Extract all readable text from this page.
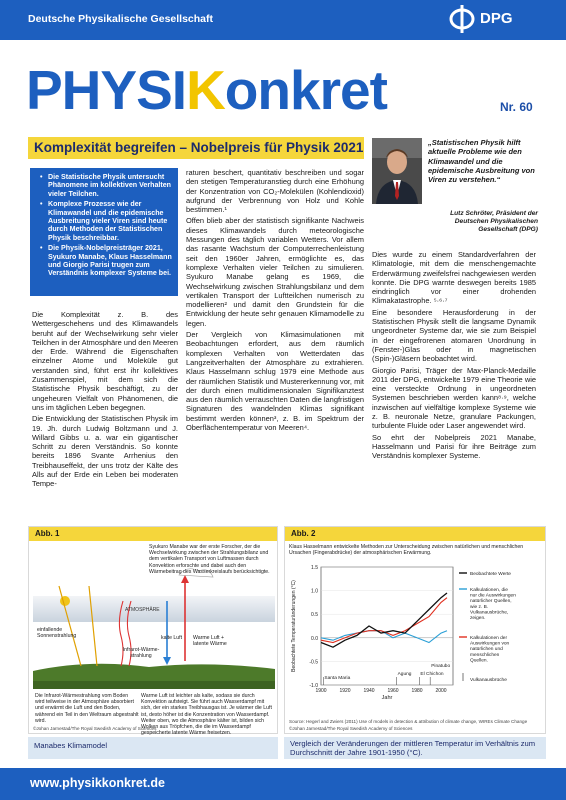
Deutsche Physikalische Gesellschaft	DPG
PHYSIKonkret	Nr. 60
Komplexität begreifen – Nobelpreis für Physik 2021
• Die Statistische Physik untersucht Phänomene im kollektiven Verhalten vieler Teilchen.
• Komplexe Prozesse wie der Klimawandel und die epidemische Ausbreitung vieler Viren sind heute durch Methoden der Statistischen Physik beschreibbar.
• Die Physik-Nobelpreisträger 2021, Syukuro Manabe, Klaus Hasselmann und Giorgio Parisi trugen zum Verständnis komplexer Systeme bei.

Die Komplexität z. B. des Wettergeschehens und des Klimawandels beruht auf der Wechselwirkung sehr vieler Teilchen in der Atmosphäre und den Meeren der Erde. Während die Eigenschaften einzelner Atome und Moleküle gut verstanden sind, führt erst ihr kollektives Zusammenspiel, mit dem sich die Statistische Physik beschäftigt, zu der ungeheuren Vielfalt von Phänomenen, die uns im täglichen Leben begegnen.

Die Entwicklung der Statistischen Physik im 19. Jh. durch Ludwig Boltzmann und J. Willard Gibbs u. a. war ein gigantischer Schritt zu deren Verständnis. So konnte bereits 1896 Svante Arrhenius den Treibhauseffekt, der uns trotz der Kälte des Alls auf der Erde ein Leben bei moderaten Tempe-

raturen beschert, quantitativ beschreiben und sogar den stetigen Temperaturanstieg durch eine Erhöhung der Konzentration von CO₂-Molekülen (Kohlendioxid) aufgrund der Verbrennung von Holz und Kohle bestimmen.¹

Offen blieb aber der statistisch signifikante Nachweis dieses Klimawandels durch meteorologische Messungen des täglich variablen Wetters. Vor allem das rasante Wachstum der Computerrechenleistung seit den 1960er Jahren, ermöglichte es, das komplexe Verhalten vieler Teilchen zu simulieren. Syukuro Manabe gelang es 1969, die Wechselwirkung zwischen Strahlungsbilanz und dem vertikalen Transport der Luftteilchen numerisch zu modellieren² und damit den Grundstein für die Entwicklung der heute sehr genauen Klimamodelle zu legen.

Der Vergleich von Klimasimulationen mit Beobachtungen erfordert, aus dem räumlich komplexen Verhalten von Wetterdaten das Langzeitverhalten der Atmosphäre zu extrahieren. Klaus Hasselmann schlug 1979 eine Methode aus der räumlichen Statistik und Mustererkennung vor, mit der durch einen multidimensionalen Signifikanztest aus den räumlich verrauschten Daten die langfristigen Signaturen des wandelnden Klimas signifikant bestimmt werden können³, z. B. im Spektrum der Oberflächentemperatur von Meeren⁴.

„Statistischen Physik hilft aktuelle Probleme wie den Klimawandel und die epidemische Ausbreitung von Viren zu verstehen.“
Lutz Schröter, Präsident der Deutschen Physikalischen Gesellschaft (DPG)

Dies wurde zu einem Standardverfahren der Klimatologie, mit dem die menschengemachte Erderwärmung zweifelsfrei nachgewiesen werden konnte. Die DPG warnte deswegen bereits 1985 eindringlich vor einer drohenden Klimakatastrophe. ⁵·⁶·⁷

Eine besondere Herausforderung in der Statistischen Physik stellt die langsame Dynamik ungeordneter Systeme dar, wie sie zum Beispiel in der eingefrorenen atomaren Unordnung in (Fenster-)Glas oder in magnetischen (Spin-)Gläsern beobachtet wird.

Giorgio Parisi, Träger der Max-Planck-Medaille 2011 der DPG, entwickelte 1979 eine Theorie wie eine versteckte Ordnung in ungeordneten Systemen beschrieben werden kann⁸·⁹, welche inzwischen auf vielfältige komplexe Systeme wie z. B. neuronale Netze, granulare Packungen, turbulente Fluide oder Laser angewendet wird.

So ehrt der Nobelpreis 2021 Manabe, Hasselmann und Parisi für ihre Beiträge zum Verständnis komplexer Systeme.

Abb. 1
ATMOSPHÄRE
Syukuro Manabe war der erste Forscher, der die Wechselwirkung zwischen der Strahlungsbilanz und dem vertikalen Transport von Luftmassen durch Konvektion erforschte und dabei auch den Wärmebeitrag des Wasserkreislaufs berücksichtigte.
einfallende Sonnenstrahlung
Infrarot-Wärme-strahlung
kalte Luft Warme Luft + latente Wärme
Die Infrarot-Wärmestrahlung vom Boden wird teilweise in der Atmosphäre absorbiert und erwärmt die Luft und den Boden, während ein Teil in den Weltraum abgestrahlt wird.
Warme Luft ist leichter als kalte, sodass sie durch Konvektion aufsteigt. Sie führt auch Wasserdampf mit sich, der ein starkes Treibhausgas ist. Je wärmer die Luft ist, desto höher ist die Konzentration von Wasserdampf. Weiter oben, wo die Atmosphäre kälter ist, bilden sich Wolken aus Tröpfchen, die die im Wasserdampf gespeicherte latente Wärme freisetzen.
©Johan Jarnestad/The Royal Swedish Academy of Sciences
Abb. 2
Klaus Hasselmann entwickelte Methoden zur Unterscheidung zwischen natürlichen und menschlichen Ursachen (Fingerabdrücke) der atmosphärischen Erwärmung.
-1.0
-0.5
0.0
0.5
1.0
1.5
1900	1920	1940	1960	1980	2000
Jahr
Beobachtete Temperaturänderungen (°C)
Santa Maria
Agung El Chichon
Pinatubo
Beobachtete Werte
Kalkulationen, die nur die Auswirkungen natürlicher Quellen, wie z. B. Vulkanausbrüche, zeigen.
Kalkulationen der Auswirkungen von natürlichen und menschlichen Quellen.
Vulkanausbrüche
Source: Hegerl and Zwiers (2011) Use of models in detection & attribution of climate change, WIREs Climate Change
©Johan Jarnestad/The Royal Swedish Academy of Sciences
Manabes Klimamodel	Vergleich der Veränderungen der mittleren Temperatur im Verhältnis zum Durchschnitt der Jahre 1901-1950 (°C).
www.physikkonkret.de
